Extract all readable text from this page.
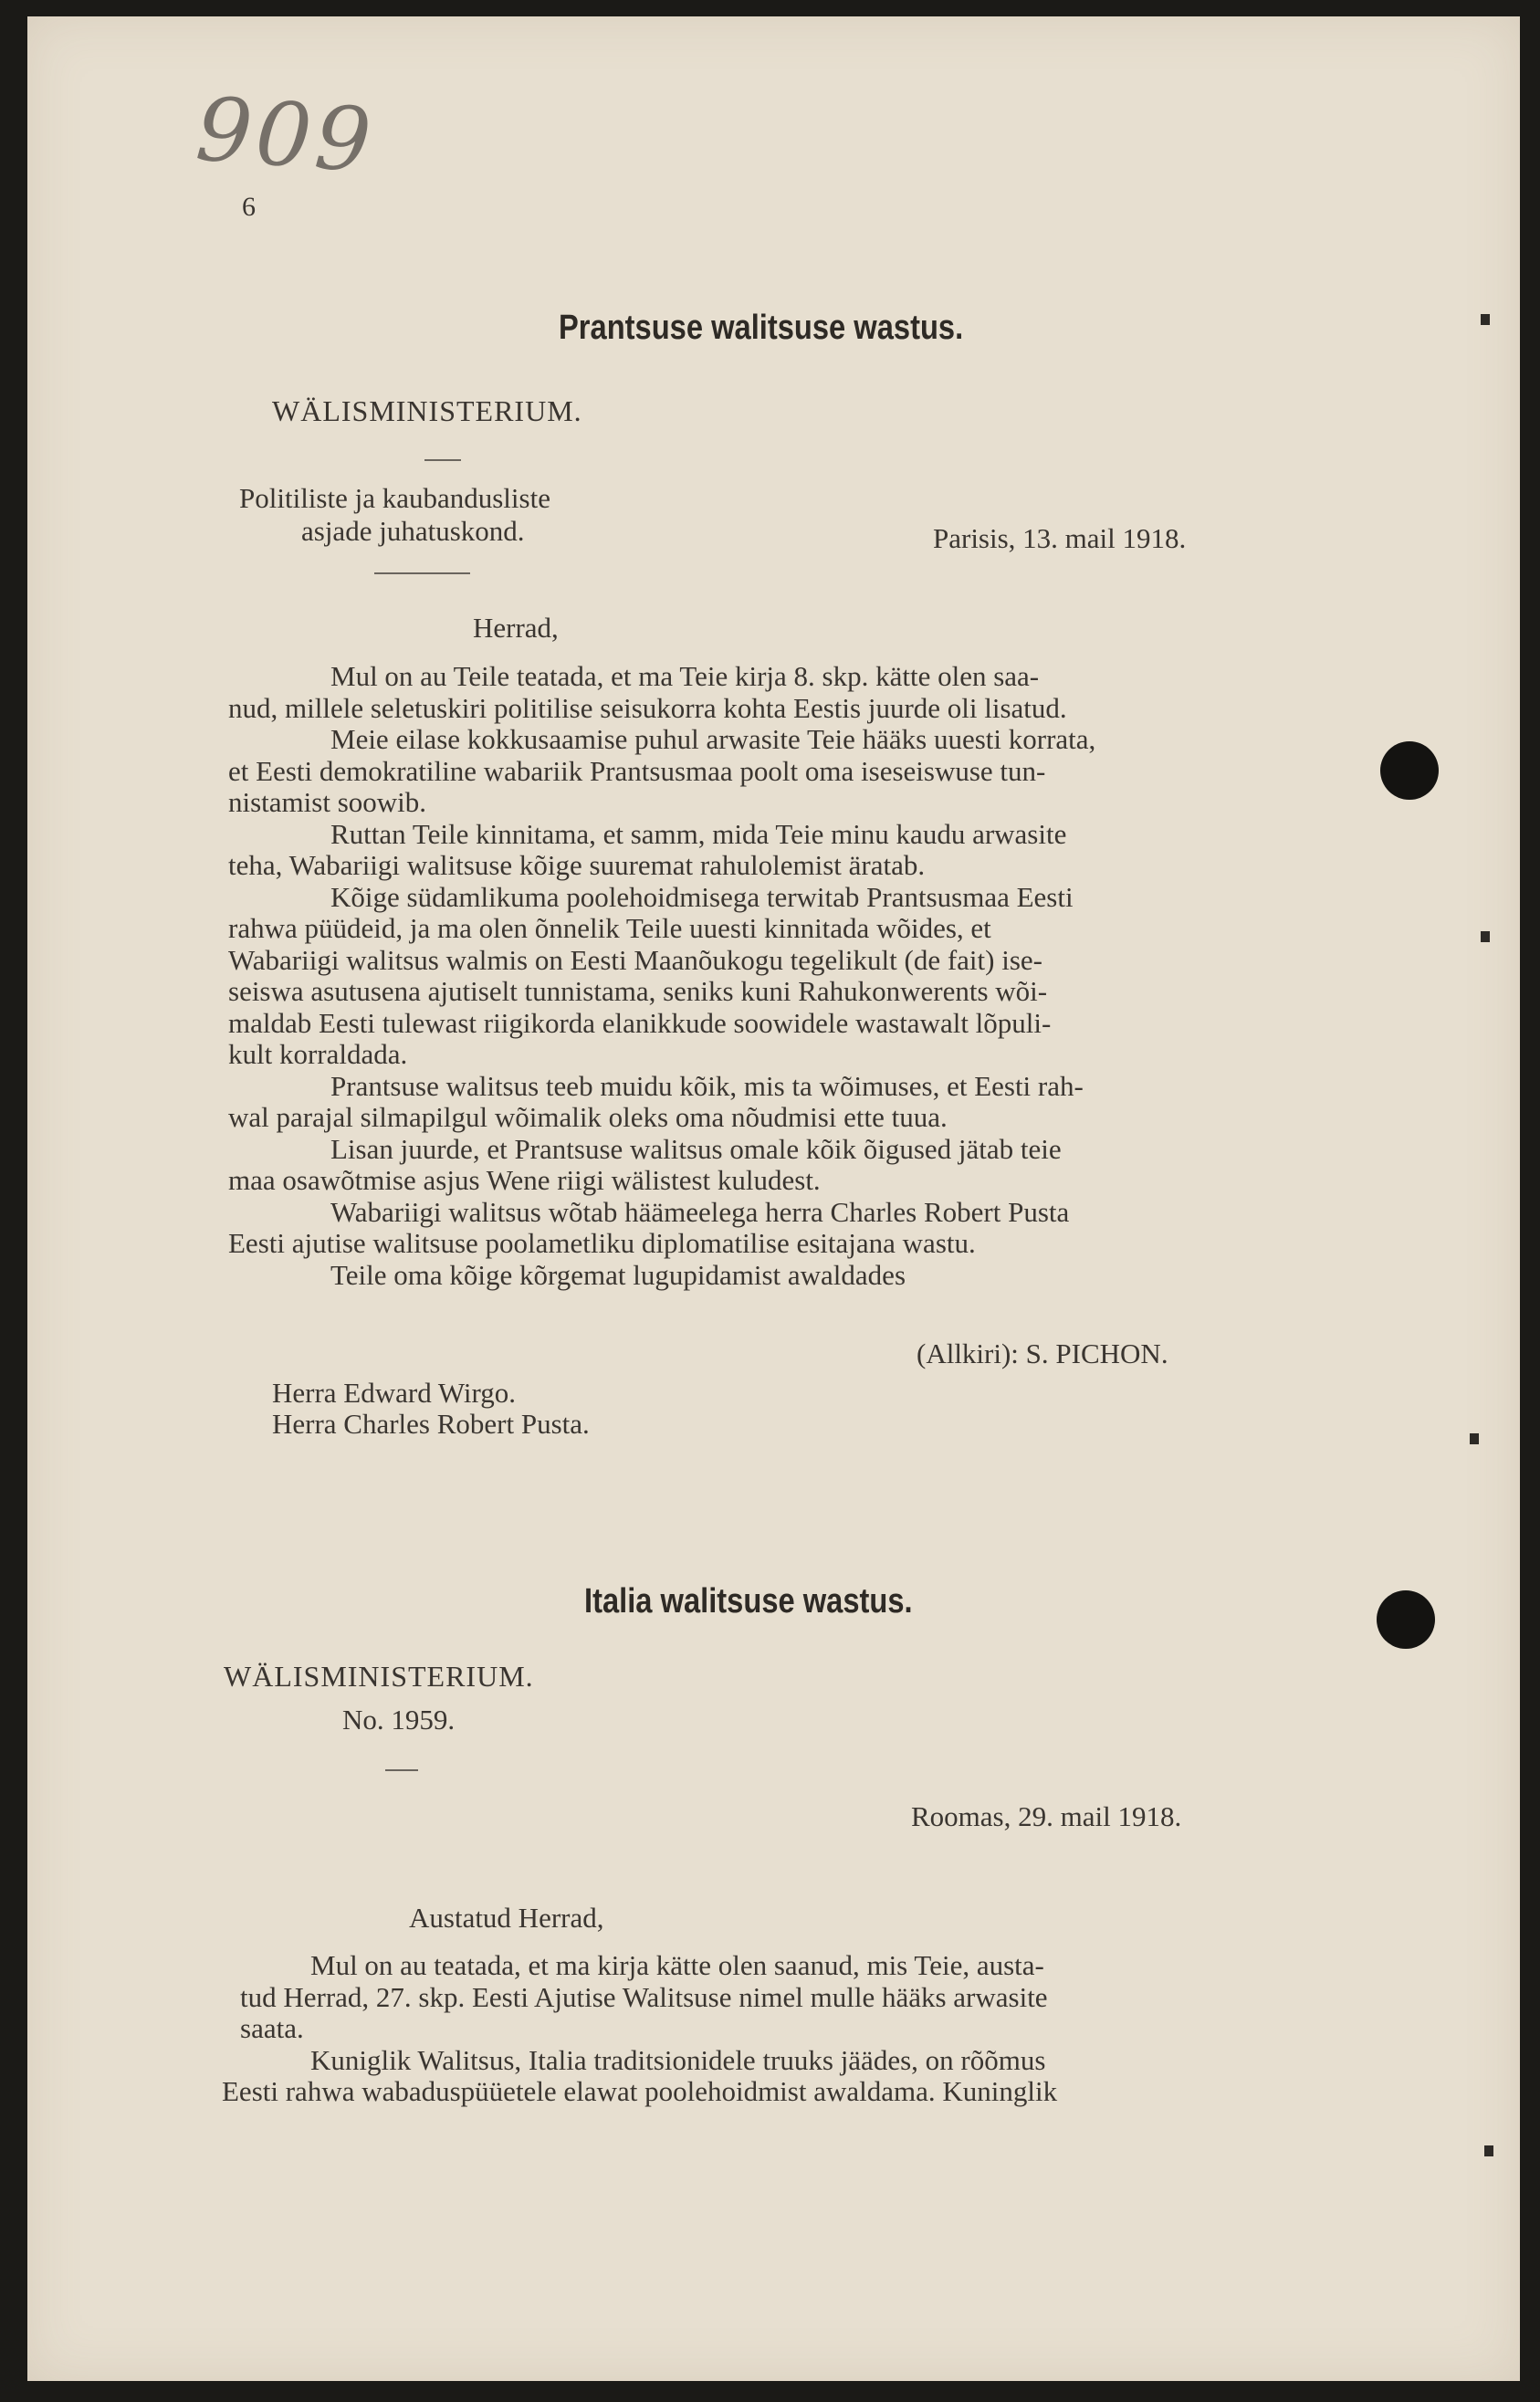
909
6
Prantsuse walitsuse wastus.
WÄLISMINISTERIUM.
Politiliste ja kaubandusliste
asjade juhatuskond.	Parisis, 13. mail 1918.
Herrad,
Mul on au Teile teatada, et ma Teie kirja 8. skp. kätte olen saa-
nud, millele seletuskiri politilise seisukorra kohta Eestis juurde oli lisatud.
Meie eilase kokkusaamise puhul arwasite Teie hääks uuesti korrata,
et Eesti demokratiline wabariik Prantsusmaa poolt oma iseseiswuse tun-
nistamist soowib.
Ruttan Teile kinnitama, et samm, mida Teie minu kaudu arwasite
teha, Wabariigi walitsuse kõige suuremat rahulolemist äratab.
Kõige südamlikuma poolehoidmisega terwitab Prantsusmaa Eesti
rahwa püüdeid, ja ma olen õnnelik Teile uuesti kinnitada wõides, et
Wabariigi walitsus walmis on Eesti Maanõukogu tegelikult (de fait) ise-
seiswa asutusena ajutiselt tunnistama, seniks kuni Rahukonwerents wõi-
maldab Eesti tulewast riigikorda elanikkude soowidele wastawalt lõpuli-
kult korraldada.
Prantsuse walitsus teeb muidu kõik, mis ta wõimuses, et Eesti rah-
wal parajal silmapilgul wõimalik oleks oma nõudmisi ette tuua.
Lisan juurde, et Prantsuse walitsus omale kõik õigused jätab teie
maa osawõtmise asjus Wene riigi wälistest kuludest.
Wabariigi walitsus wõtab häämeelega herra Charles Robert Pusta
Eesti ajutise walitsuse poolametliku diplomatilise esitajana wastu.
Teile oma kõige kõrgemat lugupidamist awaldades
(Allkiri): S. PICHON.
Herra Edward Wirgo.
Herra Charles Robert Pusta.
Italia walitsuse wastus.
WÄLISMINISTERIUM.
No. 1959.
Roomas, 29. mail 1918.
Austatud Herrad,
Mul on au teatada, et ma kirja kätte olen saanud, mis Teie, austa-
tud Herrad, 27. skp. Eesti Ajutise Walitsuse nimel mulle hääks arwasite
saata.
Kuniglik Walitsus, Italia traditsionidele truuks jäädes, on rõõmus
Eesti rahwa wabaduspüüetele elawat poolehoidmist awaldama. Kuninglik
